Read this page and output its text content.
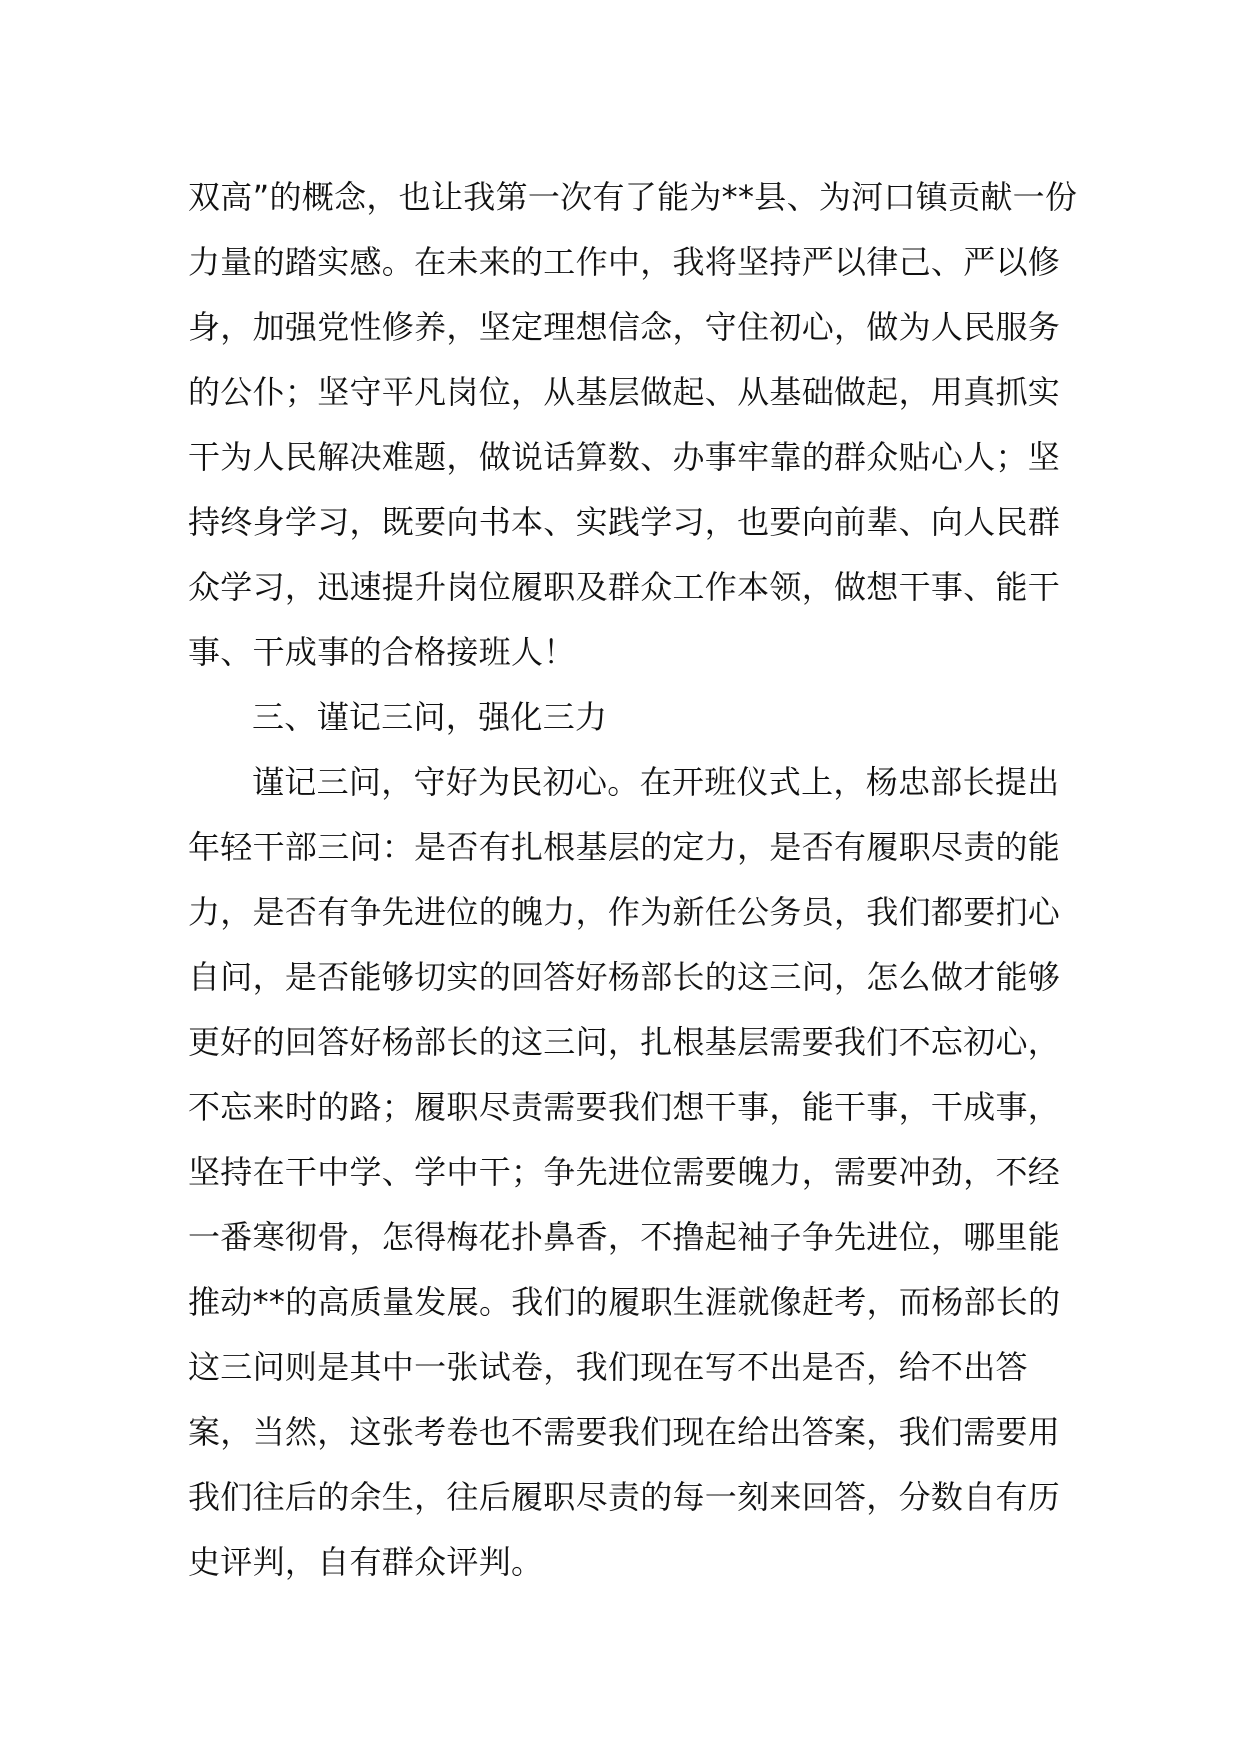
双高”的概念，也让我第一次有了能为**县、为河口镇贡献一份力量的踏实感。在未来的工作中，我将坚持严以律己、严以修身，加强党性修养，坚定理想信念，守住初心，做为人民服务的公仆；坚守平凡岗位，从基层做起、从基础做起，用真抓实干为人民解决难题，做说话算数、办事牢靠的群众贴心人；坚持终身学习，既要向书本、实践学习，也要向前辈、向人民群众学习，迅速提升岗位履职及群众工作本领，做想干事、能干事、干成事的合格接班人！

三、谨记三问，强化三力

谨记三问，守好为民初心。在开班仪式上，杨忠部长提出年轻干部三问：是否有扎根基层的定力，是否有履职尽责的能力，是否有争先进位的魄力，作为新任公务员，我们都要扪心自问，是否能够切实的回答好杨部长的这三问，怎么做才能够更好的回答好杨部长的这三问，扎根基层需要我们不忘初心，不忘来时的路；履职尽责需要我们想干事，能干事，干成事，坚持在干中学、学中干；争先进位需要魄力，需要冲劲，不经一番寒彻骨，怎得梅花扑鼻香，不撸起袖子争先进位，哪里能推动**的高质量发展。我们的履职生涯就像赶考，而杨部长的这三问则是其中一张试卷，我们现在写不出是否，给不出答案，当然，这张考卷也不需要我们现在给出答案，我们需要用我们往后的余生，往后履职尽责的每一刻来回答，分数自有历史评判，自有群众评判。
